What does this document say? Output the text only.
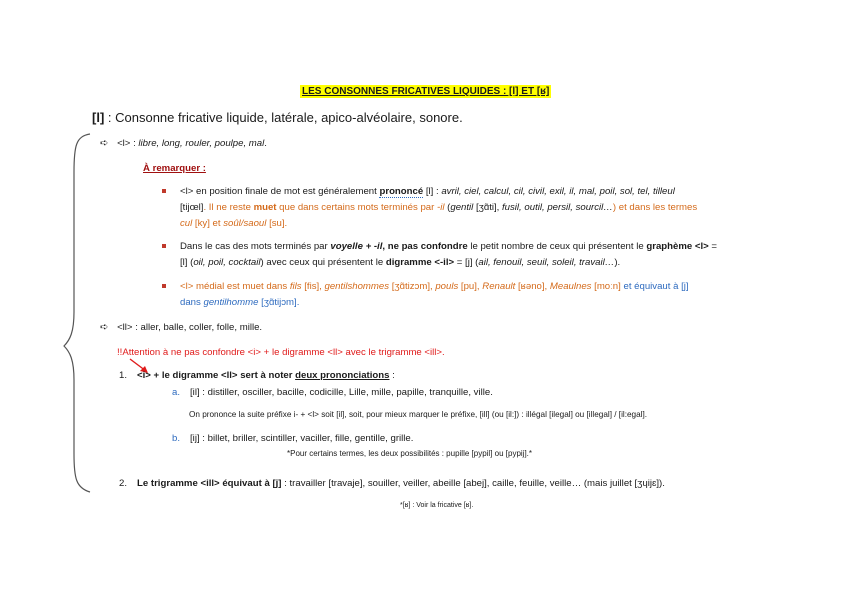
LES CONSONNES FRICATIVES LIQUIDES : [l] ET [ʁ]
[l] : Consonne fricative liquide, latérale, apico-alvéolaire, sonore.
➪ <l> : libre, long, rouler, poulpe, mal.
À remarquer :
<l> en position finale de mot est généralement prononcé [l] : avril, ciel, calcul, cil, civil, exil, il, mal, poil, sol, tel, tilleul
[tijœl]. Il ne reste muet que dans certains mots terminés par -il (gentil [ʒɑ̃ti], fusil, outil, persil, sourcil…) et dans les termes
cul [ky] et soûl/saoul [su].
Dans le cas des mots terminés par voyelle + -il, ne pas confondre le petit nombre de ceux qui présentent le graphème <l> =
[l] (oil, poil, cocktail) avec ceux qui présentent le digramme <-il> = [j] (ail, fenouil, seuil, soleil, travail…).
<l> médial est muet dans fils [fis], gentilshommes [ʒɑ̃tizɔm], pouls [pu], Renault [ʁəno], Meaulnes [moːn] et équivaut à [j]
dans gentilhomme [ʒɑ̃tijɔm].
➪ <ll> : aller, balle, coller, folle, mille.
!!Attention à ne pas confondre <i> + le digramme <ll> avec le trigramme <ill>.
1. <i> + le digramme <ll> sert à noter deux prononciations :
a. [il] : distiller, osciller, bacille, codicille, Lille, mille, papille, tranquille, ville.
On prononce la suite préfixe i- + <l> soit [il], soit, pour mieux marquer le préfixe, [ill] (ou [il:]) : illégal [ilegal] ou [illegal] / [il:egal].
b. [ij] : billet, briller, scintiller, vaciller, fille, gentille, grille.
*Pour certains termes, les deux possibilités : pupille [pypil] ou [pypij].*
2. Le trigramme <ill> équivaut à [j] : travailler [travaje], souiller, veiller, abeille [abej], caille, feuille, veille… (mais juillet [ʒɥijɛ]).
*[ʁ] : Voir la fricative [ʁ].
